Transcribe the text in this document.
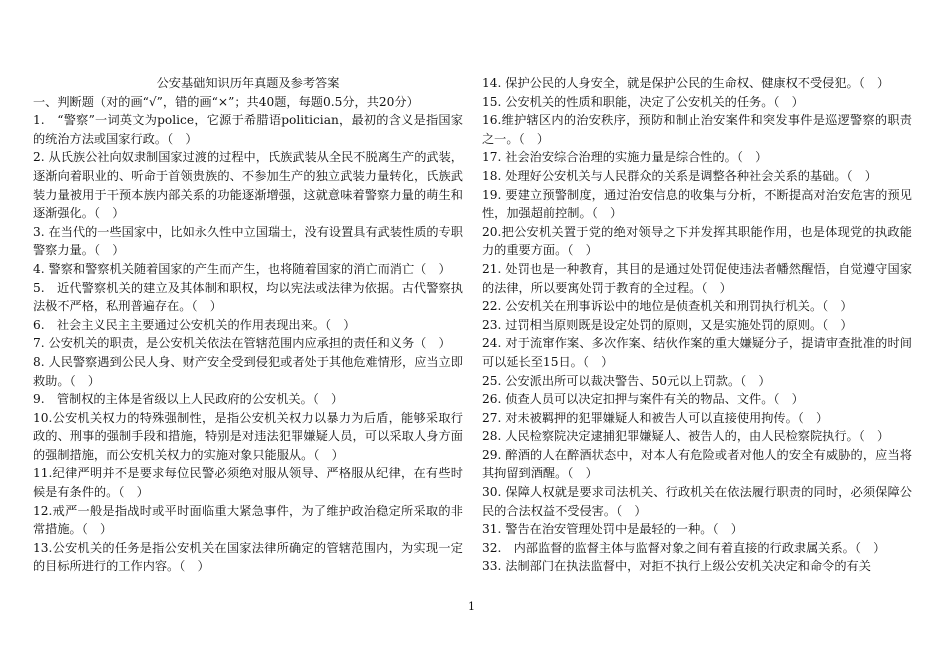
公安基础知识历年真题及参考答案

一、判断题（对的画“√”，错的画“×”；共40题，每题0.5分，共20分）

1.　“警察”一词英文为police，它源于希腊语politician，最初的含义是指国家的统治方法或国家行政。（　）

2. 从氏族公社向奴隶制国家过渡的过程中，氏族武装从全民不脱离生产的武装，逐渐向着职业的、听命于首领贵族的、不参加生产的独立武装力量转化，氏族武装力量被用于干预本族内部关系的功能逐渐增强，这就意味着警察力量的萌生和逐渐强化。（　）

3. 在当代的一些国家中，比如永久性中立国瑞士，没有设置具有武装性质的专职警察力量。（　）

4. 警察和警察机关随着国家的产生而产生，也将随着国家的消亡而消亡（　）

5.　近代警察机关的建立及其体制和职权，均以宪法或法律为依据。古代警察执法极不严格，私刑普遍存在。（　）

6.　社会主义民主主要通过公安机关的作用表现出来。（　）

7. 公安机关的职责，是公安机关依法在管辖范围内应承担的责任和义务（　）

8. 人民警察遇到公民人身、财产安全受到侵犯或者处于其他危难情形，应当立即救助。（　）

9.　管制权的主体是省级以上人民政府的公安机关。（　）

10.公安机关权力的特殊强制性，是指公安机关权力以暴力为后盾，能够采取行政的、刑事的强制手段和措施，特别是对违法犯罪嫌疑人员，可以采取人身方面的强制措施，而公安机关权力的实施对象只能服从。（　）

11.纪律严明并不是要求每位民警必须绝对服从领导、严格服从纪律，在有些时候是有条件的。（　）

12.戒严一般是指战时或平时面临重大紧急事件，为了维护政治稳定所采取的非常措施。（　）

13.公安机关的任务是指公安机关在国家法律所确定的管辖范围内，为实现一定的目标所进行的工作内容。（　）

14. 保护公民的人身安全，就是保护公民的生命权、健康权不受侵犯。（　）

15. 公安机关的性质和职能，决定了公安机关的任务。（　）

16.维护辖区内的治安秩序，预防和制止治安案件和突发事件是巡逻警察的职责之一。（　）

17. 社会治安综合治理的实施力量是综合性的。（　）

18. 处理好公安机关与人民群众的关系是调整各种社会关系的基础。（　）

19. 要建立预警制度，通过治安信息的收集与分析，不断提高对治安危害的预见性，加强超前控制。（　）

20.把公安机关置于党的绝对领导之下并发挥其职能作用，也是体现党的执政能力的重要方面。（　）

21. 处罚也是一种教育，其目的是通过处罚促使违法者幡然醒悟，自觉遵守国家的法律，所以要寓处罚于教育的全过程。（　）

22. 公安机关在刑事诉讼中的地位是侦查机关和刑罚执行机关。（　）

23. 过罚相当原则既是设定处罚的原则，又是实施处罚的原则。（　）

24. 对于流窜作案、多次作案、结伙作案的重大嫌疑分子，提请审查批准的时间可以延长至15日。（　）

25. 公安派出所可以裁决警告、50元以上罚款。（　）

26. 侦查人员可以决定扣押与案件有关的物品、文件。（　）

27. 对未被羁押的犯罪嫌疑人和被告人可以直接使用拘传。（　）

28. 人民检察院决定逮捕犯罪嫌疑人、被告人的，由人民检察院执行。（　）

29. 醉酒的人在醉酒状态中，对本人有危险或者对他人的安全有威胁的，应当将其拘留到酒醒。（　）

30. 保障人权就是要求司法机关、行政机关在依法履行职责的同时，必须保障公民的合法权益不受侵害。（　）

31. 警告在治安管理处罚中是最轻的一种。（　）

32.　内部监督的监督主体与监督对象之间有着直接的行政隶属关系。（　）

33. 法制部门在执法监督中，对拒不执行上级公安机关决定和命令的有关

1
